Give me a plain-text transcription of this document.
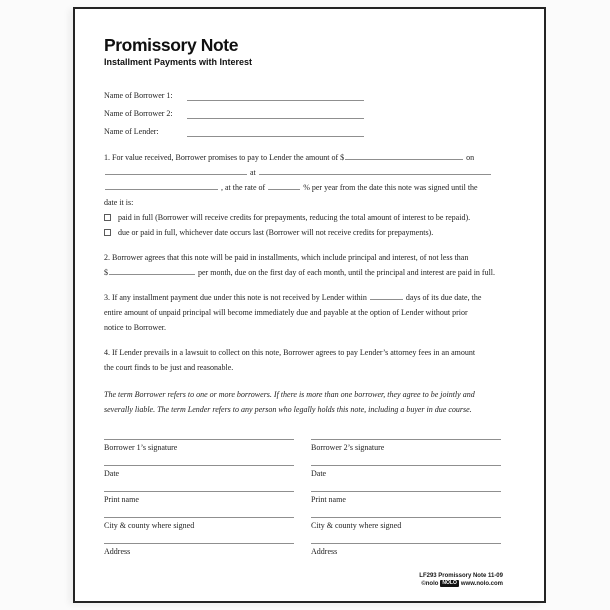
Promissory Note
Installment Payments with Interest
Name of Borrower 1:
Name of Borrower 2:
Name of Lender:
1. For value received, Borrower promises to pay to Lender the amount of $	on
at
, at the rate of	% per year from the date this note was signed until the
date it is:
paid in full (Borrower will receive credits for prepayments, reducing the total amount of interest to be repaid).
due or paid in full, whichever date occurs last (Borrower will not receive credits for prepayments).
2. Borrower agrees that this note will be paid in installments, which include principal and interest, of not less than
$	per month, due on the first day of each month, until the principal and interest are paid in full.
3. If any installment payment due under this note is not received by Lender within	days of its due date, the
entire amount of unpaid principal will become immediately due and payable at the option of Lender without prior
notice to Borrower.
4. If Lender prevails in a lawsuit to collect on this note, Borrower agrees to pay Lender’s attorney fees in an amount
the court finds to be just and reasonable.
The term Borrower refers to one or more borrowers. If there is more than one borrower, they agree to be jointly and
severally liable. The term Lender refers to any person who legally holds this note, including a buyer in due course.
Borrower 1’s signature
Date
Print name
City & county where signed
Address
Borrower 2’s signature
Date
Print name
City & county where signed
Address
LF293 Promissory Note 11-09
©nolo NOLO www.nolo.com
